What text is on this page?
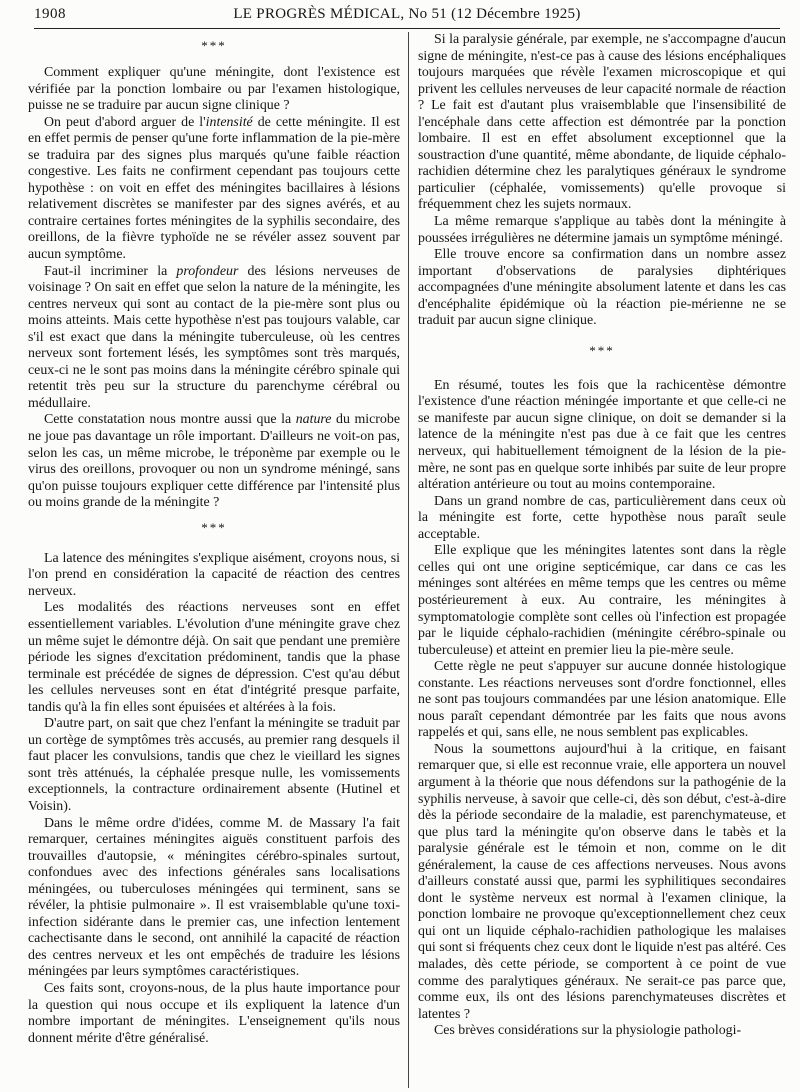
1908	LE PROGRÈS MÉDICAL, No 51 (12 Décembre 1925)
***

Comment expliquer qu'une méningite, dont l'existence est vérifiée par la ponction lombaire ou par l'examen histologique, puisse ne se traduire par aucun signe clinique ?

On peut d'abord arguer de l'intensité de cette méningite. Il est en effet permis de penser qu'une forte inflammation de la pie-mère se traduira par des signes plus marqués qu'une faible réaction congestive. Les faits ne confirment cependant pas toujours cette hypothèse : on voit en effet des méningites bacillaires à lésions relativement discrètes se manifester par des signes avérés, et au contraire certaines fortes méningites de la syphilis secondaire, des oreillons, de la fièvre typhoïde ne se révéler assez souvent par aucun symptôme.

Faut-il incriminer la profondeur des lésions nerveuses de voisinage ? On sait en effet que selon la nature de la méningite, les centres nerveux qui sont au contact de la pie-mère sont plus ou moins atteints. Mais cette hypothèse n'est pas toujours valable, car s'il est exact que dans la méningite tuberculeuse, où les centres nerveux sont fortement lésés, les symptômes sont très marqués, ceux-ci ne le sont pas moins dans la méningite cérébro spinale qui retentit très peu sur la structure du parenchyme cérébral ou médullaire.

Cette constatation nous montre aussi que la nature du microbe ne joue pas davantage un rôle important. D'ailleurs ne voit-on pas, selon les cas, un même microbe, le tréponème par exemple ou le virus des oreillons, provoquer ou non un syndrome méningé, sans qu'on puisse toujours expliquer cette différence par l'intensité plus ou moins grande de la méningite ?

***

La latence des méningites s'explique aisément, croyons nous, si l'on prend en considération la capacité de réaction des centres nerveux.

Les modalités des réactions nerveuses sont en effet essentiellement variables. L'évolution d'une méningite grave chez un même sujet le démontre déjà. On sait que pendant une première période les signes d'excitation prédominent, tandis que la phase terminale est précédée de signes de dépression. C'est qu'au début les cellules nerveuses sont en état d'intégrité presque parfaite, tandis qu'à la fin elles sont épuisées et altérées à la fois.

D'autre part, on sait que chez l'enfant la méningite se traduit par un cortège de symptômes très accusés, au premier rang desquels il faut placer les convulsions, tandis que chez le vieillard les signes sont très atténués, la céphalée presque nulle, les vomissements exceptionnels, la contracture ordinairement absente (Hutinel et Voisin).

Dans le même ordre d'idées, comme M. de Massary l'a fait remarquer, certaines méningites aiguës constituent parfois des trouvailles d'autopsie, « méningites cérébro-spinales surtout, confondues avec des infections générales sans localisations méningées, ou tuberculoses méningées qui terminent, sans se révéler, la phtisie pulmonaire ». Il est vraisemblable qu'une toxi-infection sidérante dans le premier cas, une infection lentement cachectisante dans le second, ont annihilé la capacité de réaction des centres nerveux et les ont empêchés de traduire les lésions méningées par leurs symptômes caractéristiques.

Ces faits sont, croyons-nous, de la plus haute importance pour la question qui nous occupe et ils expliquent la latence d'un nombre important de méningites. L'enseignement qu'ils nous donnent mérite d'être généralisé.

Si la paralysie générale, par exemple, ne s'accompagne d'aucun signe de méningite, n'est-ce pas à cause des lésions encéphaliques toujours marquées que révèle l'examen microscopique et qui privent les cellules nerveuses de leur capacité normale de réaction ? Le fait est d'autant plus vraisemblable que l'insensibilité de l'encéphale dans cette affection est démontrée par la ponction lombaire. Il est en effet absolument exceptionnel que la soustraction d'une quantité, même abondante, de liquide céphalo-rachidien détermine chez les paralytiques généraux le syndrome particulier (céphalée, vomissements) qu'elle provoque si fréquemment chez les sujets normaux.

La même remarque s'applique au tabès dont la méningite à poussées irrégulières ne détermine jamais un symptôme méningé.

Elle trouve encore sa confirmation dans un nombre assez important d'observations de paralysies diphtériques accompagnées d'une méningite absolument latente et dans les cas d'encéphalite épidémique où la réaction pie-mérienne ne se traduit par aucun signe clinique.

***

En résumé, toutes les fois que la rachicentèse démontre l'existence d'une réaction méningée importante et que celle-ci ne se manifeste par aucun signe clinique, on doit se demander si la latence de la méningite n'est pas due à ce fait que les centres nerveux, qui habituellement témoignent de la lésion de la pie-mère, ne sont pas en quelque sorte inhibés par suite de leur propre altération antérieure ou tout au moins contemporaine.

Dans un grand nombre de cas, particulièrement dans ceux où la méningite est forte, cette hypothèse nous paraît seule acceptable.

Elle explique que les méningites latentes sont dans la règle celles qui ont une origine septicémique, car dans ce cas les méninges sont altérées en même temps que les centres ou même postérieurement à eux. Au contraire, les méningites à symptomatologie complète sont celles où l'infection est propagée par le liquide céphalo-rachidien (méningite cérébro-spinale ou tuberculeuse) et atteint en premier lieu la pie-mère seule.

Cette règle ne peut s'appuyer sur aucune donnée histologique constante. Les réactions nerveuses sont d'ordre fonctionnel, elles ne sont pas toujours commandées par une lésion anatomique. Elle nous paraît cependant démontrée par les faits que nous avons rappelés et qui, sans elle, ne nous semblent pas explicables.

Nous la soumettons aujourd'hui à la critique, en faisant remarquer que, si elle est reconnue vraie, elle apportera un nouvel argument à la théorie que nous défendons sur la pathogénie de la syphilis nerveuse, à savoir que celle-ci, dès son début, c'est-à-dire dès la période secondaire de la maladie, est parenchymateuse, et que plus tard la méningite qu'on observe dans le tabès et la paralysie générale est le témoin et non, comme on le dit généralement, la cause de ces affections nerveuses. Nous avons d'ailleurs constaté aussi que, parmi les syphilitiques secondaires dont le système nerveux est normal à l'examen clinique, la ponction lombaire ne provoque qu'exceptionnellement chez ceux qui ont un liquide céphalo-rachidien pathologique les malaises qui sont si fréquents chez ceux dont le liquide n'est pas altéré. Ces malades, dès cette période, se comportent à ce point de vue comme des paralytiques généraux. Ne serait-ce pas parce que, comme eux, ils ont des lésions parenchymateuses discrètes et latentes ?

Ces brèves considérations sur la physiologie pathologi-
